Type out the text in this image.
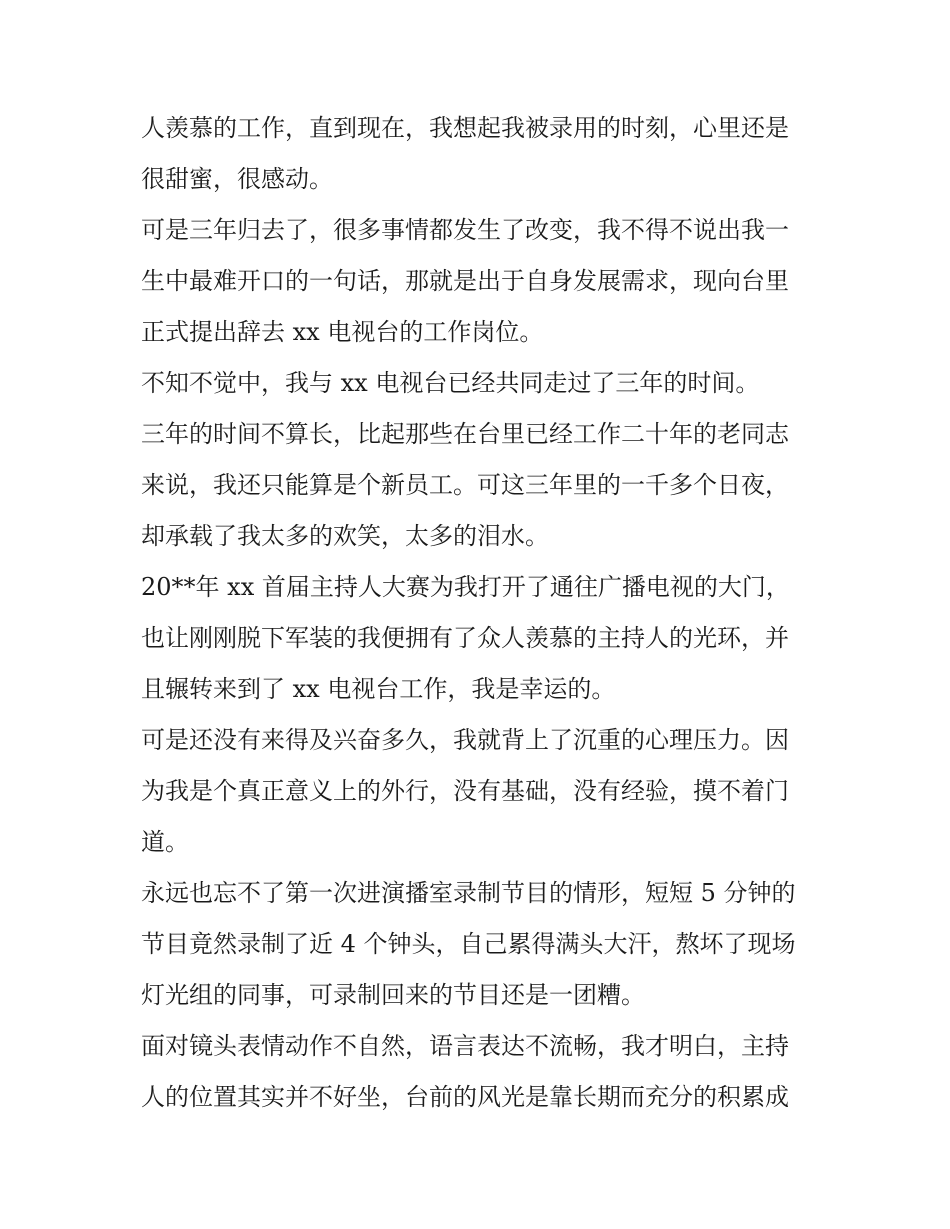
人羡慕的工作，直到现在，我想起我被录用的时刻，心里还是
很甜蜜，很感动。

可是三年归去了，很多事情都发生了改变，我不得不说出我一
生中最难开口的一句话，那就是出于自身发展需求，现向台里
正式提出辞去 xx 电视台的工作岗位。

不知不觉中，我与 xx 电视台已经共同走过了三年的时间。

三年的时间不算长，比起那些在台里已经工作二十年的老同志
来说，我还只能算是个新员工。可这三年里的一千多个日夜，
却承载了我太多的欢笑，太多的泪水。

20**年 xx 首届主持人大赛为我打开了通往广播电视的大门，
也让刚刚脱下军装的我便拥有了众人羡慕的主持人的光环，并
且辗转来到了 xx 电视台工作，我是幸运的。

可是还没有来得及兴奋多久，我就背上了沉重的心理压力。因
为我是个真正意义上的外行，没有基础，没有经验，摸不着门
道。

永远也忘不了第一次进演播室录制节目的情形，短短 5 分钟的
节目竟然录制了近 4 个钟头，自己累得满头大汗，熬坏了现场
灯光组的同事，可录制回来的节目还是一团糟。

面对镜头表情动作不自然，语言表达不流畅，我才明白，主持
人的位置其实并不好坐，台前的风光是靠长期而充分的积累成
